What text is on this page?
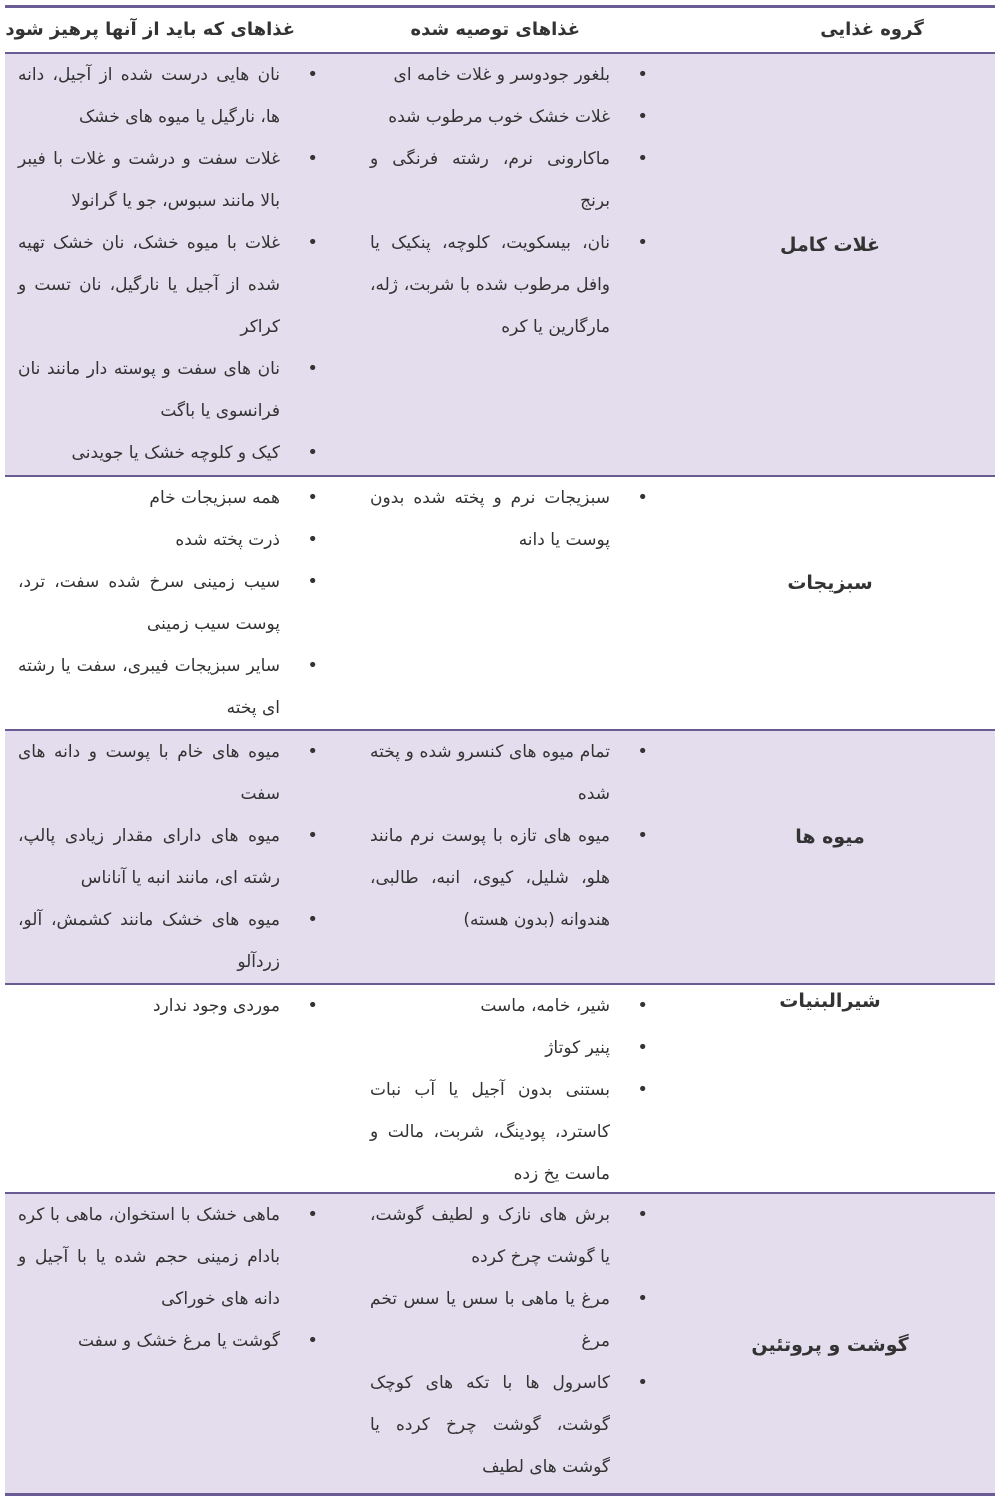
گروه غذایی
غذاهای توصیه شده
غذاهای که باید از آنها پرهیز شود
غلات کامل
•
بلغور جودوسر و غلات خامه ای
•
غلات خشک خوب مرطوب شده
•
ماکارونی نرم، رشته فرنگی و برنج
•
نان، بیسکویت، کلوچه، پنکیک یا وافل مرطوب شده با شربت، ژله، مارگارین یا کره
•
نان هایی درست شده از آجیل، دانه ها، نارگیل یا میوه های خشک
•
غلات سفت و درشت و غلات با فیبر بالا مانند سبوس، جو یا گرانولا
•
غلات با میوه خشک، نان خشک تهیه شده از آجیل یا نارگیل، نان تست و کراکر
•
نان های سفت و پوسته دار مانند نان فرانسوی یا باگت
•
کیک و کلوچه خشک یا جویدنی
سبزیجات
•
سبزیجات نرم و پخته شده بدون پوست یا دانه
•
همه سبزیجات خام
•
ذرت پخته شده
•
سیب زمینی سرخ شده سفت، ترد، پوست سیب زمینی
•
سایر سبزیجات فیبری، سفت یا رشته ای پخته
میوه ها
•
تمام میوه های کنسرو شده و پخته شده
•
میوه های تازه با پوست نرم مانند هلو، شلیل، کیوی، انبه، طالبی، هندوانه (بدون هسته)
•
میوه های خام با پوست و دانه های سفت
•
میوه های دارای مقدار زیادی پالپ، رشته ای، مانند انبه یا آناناس
•
میوه های خشک مانند کشمش، آلو، زردآلو
شیرالبنیات
•
شیر، خامه، ماست
•
پنیر کوتاژ
•
بستنی بدون آجیل یا آب نبات کاسترد، پودینگ، شربت، مالت و ماست یخ زده
•
موردی وجود ندارد
گوشت و پروتئین
•
برش های نازک و لطیف گوشت، یا گوشت چرخ کرده
•
مرغ یا ماهی با سس یا سس تخم مرغ
•
کاسرول ها با تکه های کوچک گوشت، گوشت چرخ کرده یا گوشت های لطیف
•
ماهی خشک با استخوان، ماهی با کره بادام زمینی حجم شده یا با آجیل و دانه های خوراکی
•
گوشت یا مرغ خشک و سفت
